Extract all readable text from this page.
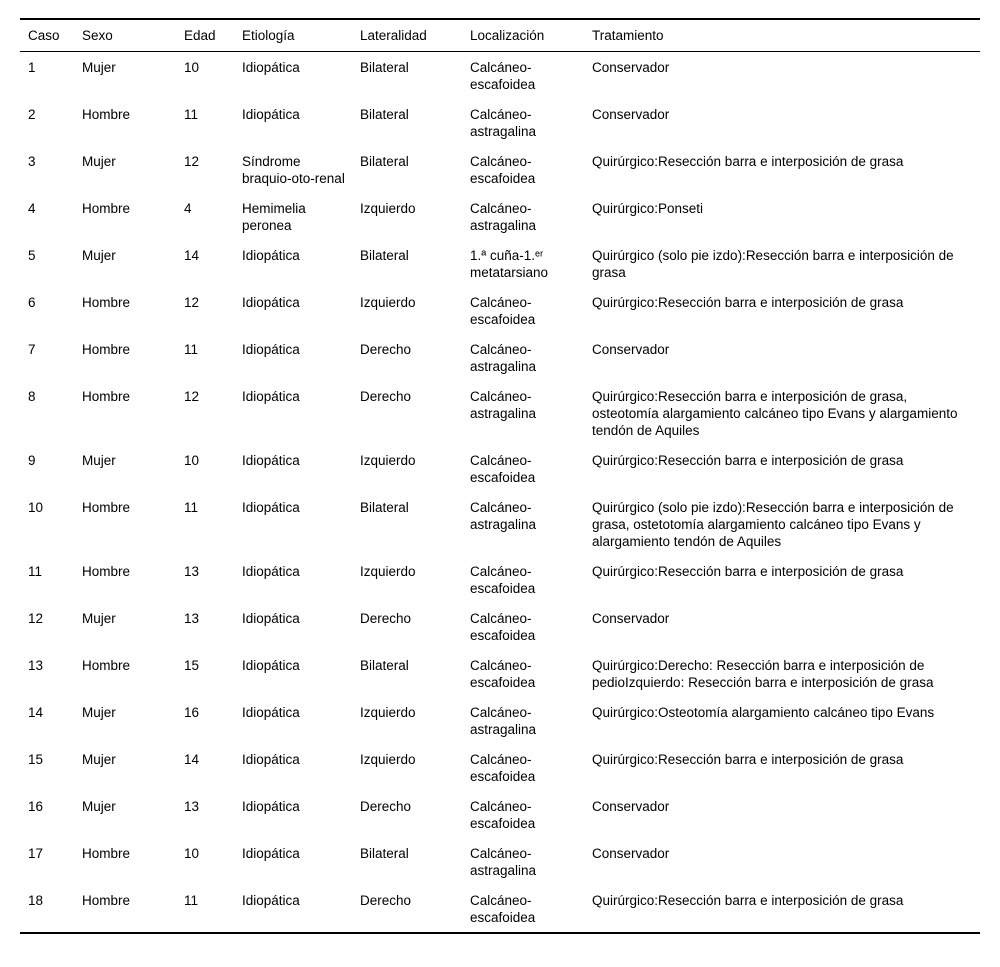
Caso	Sexo	Edad	Etiología	Lateralidad	Localización	Tratamiento
1	Mujer	10	Idiopática	Bilateral	Calcáneo-escafoidea	Conservador
2	Hombre	11	Idiopática	Bilateral	Calcáneo-astragalina	Conservador
3	Mujer	12	Síndrome braquio-oto-renal	Bilateral	Calcáneo-escafoidea	Quirúrgico:Resección barra e interposición de grasa
4	Hombre	4	Hemimelia peronea	Izquierdo	Calcáneo-astragalina	Quirúrgico:Ponseti
5	Mujer	14	Idiopática	Bilateral	1.ª cuña-1.ᵉʳ metatarsiano	Quirúrgico (solo pie izdo):Resección barra e interposición de grasa
6	Hombre	12	Idiopática	Izquierdo	Calcáneo-escafoidea	Quirúrgico:Resección barra e interposición de grasa
7	Hombre	11	Idiopática	Derecho	Calcáneo-astragalina	Conservador
8	Hombre	12	Idiopática	Derecho	Calcáneo-astragalina	Quirúrgico:Resección barra e interposición de grasa, osteotomía alargamiento calcáneo tipo Evans y alargamiento tendón de Aquiles
9	Mujer	10	Idiopática	Izquierdo	Calcáneo-escafoidea	Quirúrgico:Resección barra e interposición de grasa
10	Hombre	11	Idiopática	Bilateral	Calcáneo-astragalina	Quirúrgico (solo pie izdo):Resección barra e interposición de grasa, ostetotomía alargamiento calcáneo tipo Evans y alargamiento tendón de Aquiles
11	Hombre	13	Idiopática	Izquierdo	Calcáneo-escafoidea	Quirúrgico:Resección barra e interposición de grasa
12	Mujer	13	Idiopática	Derecho	Calcáneo-escafoidea	Conservador
13	Hombre	15	Idiopática	Bilateral	Calcáneo-escafoidea	Quirúrgico:Derecho: Resección barra e interposición de pedioIzquierdo: Resección barra e interposición de grasa
14	Mujer	16	Idiopática	Izquierdo	Calcáneo-astragalina	Quirúrgico:Osteotomía alargamiento calcáneo tipo Evans
15	Mujer	14	Idiopática	Izquierdo	Calcáneo-escafoidea	Quirúrgico:Resección barra e interposición de grasa
16	Mujer	13	Idiopática	Derecho	Calcáneo-escafoidea	Conservador
17	Hombre	10	Idiopática	Bilateral	Calcáneo-astragalina	Conservador
18	Hombre	11	Idiopática	Derecho	Calcáneo-escafoidea	Quirúrgico:Resección barra e interposición de grasa
